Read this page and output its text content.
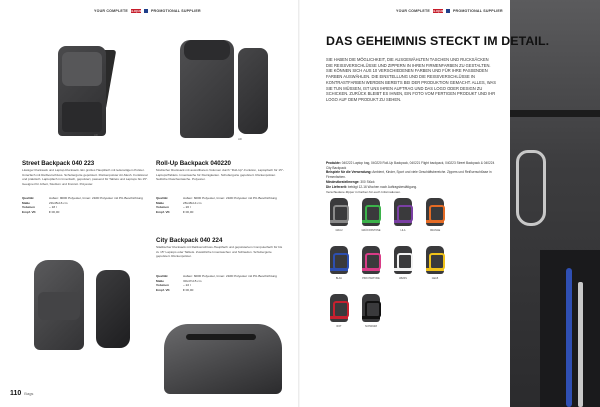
YOUR COMPLETE CLIQUE PROMOTIONAL SUPPLIER
HR
HR
Street Backpack 040 223
Lässiger Rucksack und Laptop-Rucksack. Ein großes Hauptfach mit lederartigem Polster. Unterfach mit Reißverschluss. Schultergurte gepolstert. Rückenpolster Air-Mesh. Funktional und praktisch. Laptopfach in Innenfach, gepolstert, passend für Tablets und Laptops bis 15". Geeignet für Arbeit, Studium und Freizeit. Polyester.
Qualität	Außen: 900D Polyester, Innen: 210D Polyester mit PU-Beschichtung
Maße	29x45x16 cm
Volumen	~ 18 l
Empf. VK	€ 00,00
Roll-Up Backpack 040220
Modischer Rucksack mit ausrollbarem Volumen durch "Roll-Up"-Funktion, Laptopfach für 15"-Laptops/Tablets. Innentasche für Kleinigkeiten. Schultergurte gepolstert. Rückenpolster. Seitliche Flaschentasche. Polyester.
Qualität	Außen: 600D Polyester, Innen: 210D Polyester mit PU-Beschichtung
Maße	28x48x14 cm
Volumen	~ 20 l
Empf. VK	€ 00,00
City Backpack 040 224
Städtischer Rucksack mit Reißverschluss-Hauptfach und gepolstertem Computerfach für bis zu 15" Laptops oder Tablets. Zusätzliche Innentaschen und Schlaufen. Schultergurte gepolstert. Rückenpolster.
Qualität	Außen: 600D Polyester, Innen: 210D Polyester mit PU-Beschichtung
Maße	30x47x15 cm
Volumen	~ 22 l
Empf. VK	€ 00,00
110 Bags
YOUR COMPLETE CLIQUE PROMOTIONAL SUPPLIER
DAS GEHEIMNIS STECKT IM DETAIL.
SIE HABEN DIE MÖGLICHKEIT, DIE AUSGEWÄHLTEN TASCHEN UND RUCKSÄCKEN DIE REISSVERSCHLÜSSE UND ZIPPERN IN IHREN FIRMENFARBEN ZU GESTALTEN. SIE KÖNNEN SICH AUS 10 VERSCHIEDENEN FARBEN UND FÜR IHRE PASSENDEN FARBEN AUSWÄHLEN. DIE EINSTELLUNG UND DIE REISSVERSCHLÜSSE IN KONTRASTFARBEN WERDEN BEREITS BEI DER PRODUKTION GEMACHT. ALLES, WAS SIE TUN MÜSSEN, IST UNS IHREN AUFTRAG UND DAS LOGO ODER DESIGN ZU SCHICKEN. ZURÜCK BLEIBT ES IHNEN, EIN FOTO VOM FERTIGEN PRODUKT UND IHR LOGO AUF DEM PRODUKT ZU SEHEN.
Produkte: 040222 Laptop bag, 040220 Roll-Up Backpack, 040221 Flight backpack, 040223 Street Backpack & 040224 City Backpack
Beispiele für die Verwendung: Ambient, Kinder, Sport und viele Geschäftsbereiche. Zippers und Reißverschlüsse in Firmenfarben.
Mindestbestellmenge: 300 Stück
Die Lieferzeit: beträgt 12-16 Wochen nach Auftragsbestätigung.
Verschiedene Zipper in Farben für euch Informationen.
GRAU	GRÜN PANTONE	LILA	ORANGE
BLAU	PINK PANTONE	WEISS	GELB
ROT	SCHWARZ
